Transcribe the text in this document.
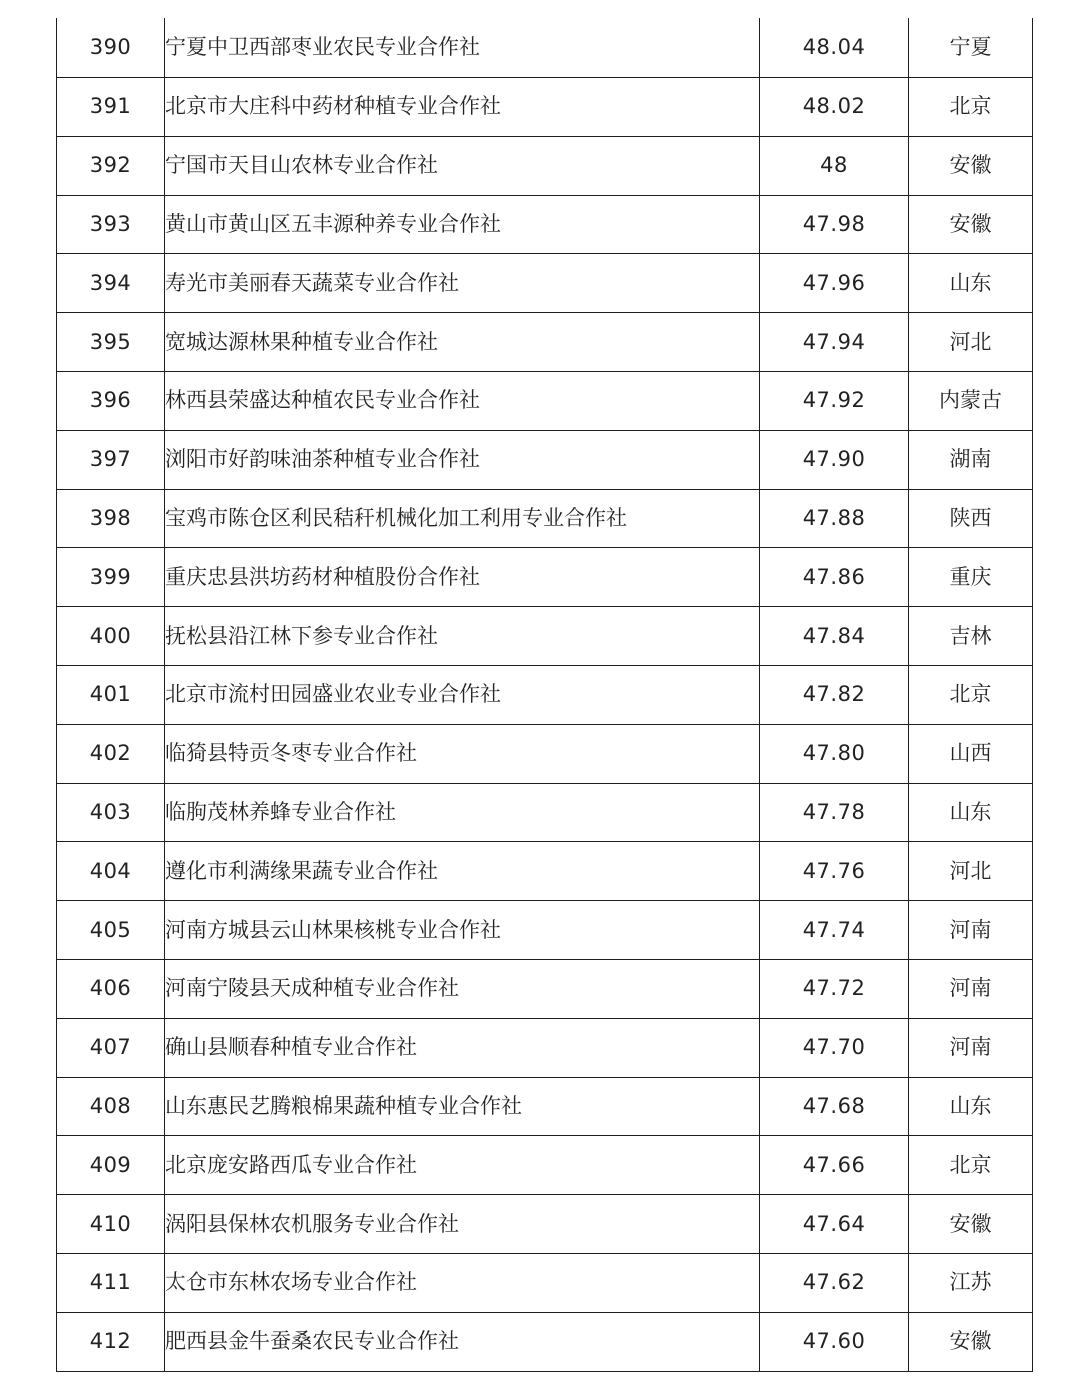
390	宁夏中卫西部枣业农民专业合作社	48.04	宁夏
391	北京市大庄科中药材种植专业合作社	48.02	北京
392	宁国市天目山农林专业合作社	48	安徽
393	黄山市黄山区五丰源种养专业合作社	47.98	安徽
394	寿光市美丽春天蔬菜专业合作社	47.96	山东
395	宽城达源林果种植专业合作社	47.94	河北
396	林西县荣盛达种植农民专业合作社	47.92	内蒙古
397	浏阳市好韵味油茶种植专业合作社	47.90	湖南
398	宝鸡市陈仓区利民秸秆机械化加工利用专业合作社	47.88	陕西
399	重庆忠县洪坊药材种植股份合作社	47.86	重庆
400	抚松县沿江林下参专业合作社	47.84	吉林
401	北京市流村田园盛业农业专业合作社	47.82	北京
402	临猗县特贡冬枣专业合作社	47.80	山西
403	临朐茂林养蜂专业合作社	47.78	山东
404	遵化市利满缘果蔬专业合作社	47.76	河北
405	河南方城县云山林果核桃专业合作社	47.74	河南
406	河南宁陵县天成种植专业合作社	47.72	河南
407	确山县顺春种植专业合作社	47.70	河南
408	山东惠民艺腾粮棉果蔬种植专业合作社	47.68	山东
409	北京庞安路西瓜专业合作社	47.66	北京
410	涡阳县保林农机服务专业合作社	47.64	安徽
411	太仓市东林农场专业合作社	47.62	江苏
412	肥西县金牛蚕桑农民专业合作社	47.60	安徽
